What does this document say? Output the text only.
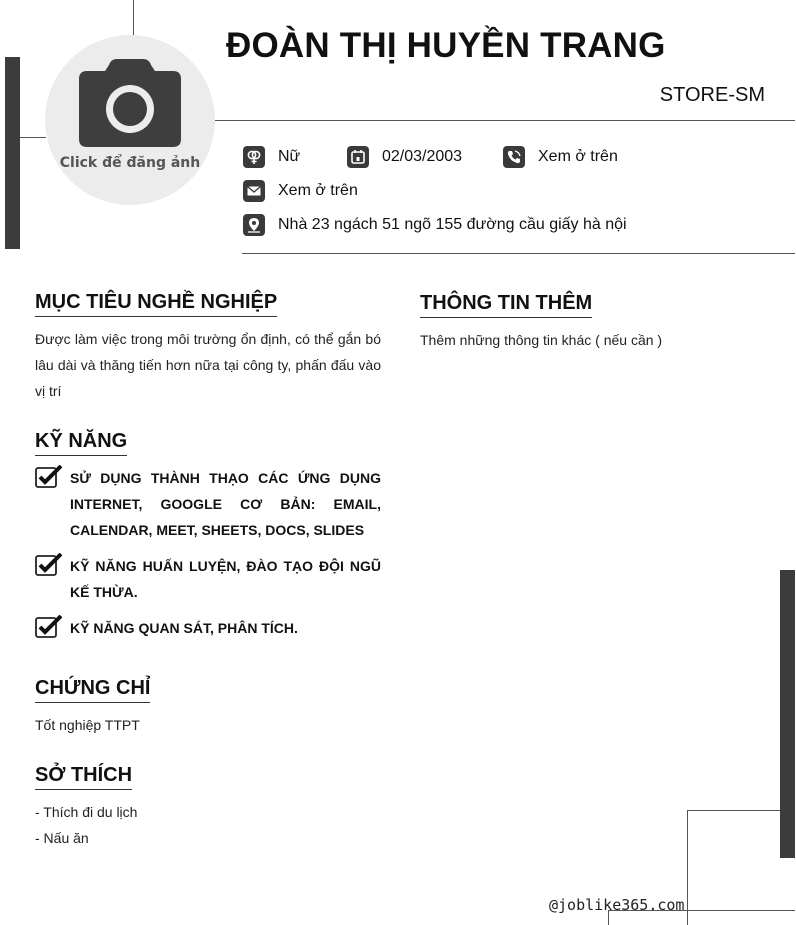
Click để đăng ảnh
ĐOÀN THỊ HUYỀN TRANG
STORE-SM
Nữ	02/03/2003	Xem ở trên
Xem ở trên
Nhà 23 ngách 51 ngõ 155 đường cầu giấy hà nội
MỤC TIÊU NGHỀ NGHIỆP
Được làm việc trong môi trường ổn định, có thể gắn bó lâu dài và thăng tiến hơn nữa tại công ty, phấn đấu vào vị trí
KỸ NĂNG
SỬ DỤNG THÀNH THẠO CÁC ỨNG DỤNG INTERNET, GOOGLE CƠ BẢN: EMAIL, CALENDAR, MEET, SHEETS, DOCS, SLIDES
KỸ NĂNG HUẤN LUYỆN, ĐÀO TẠO ĐỘI NGŨ KẾ THỪA.
KỸ NĂNG QUAN SÁT, PHÂN TÍCH.
CHỨNG CHỈ
Tốt nghiệp TTPT
SỞ THÍCH
- Thích đi du lịch
- Nấu ăn
THÔNG TIN THÊM
Thêm những thông tin khác ( nếu cần )
@joblike365.com
